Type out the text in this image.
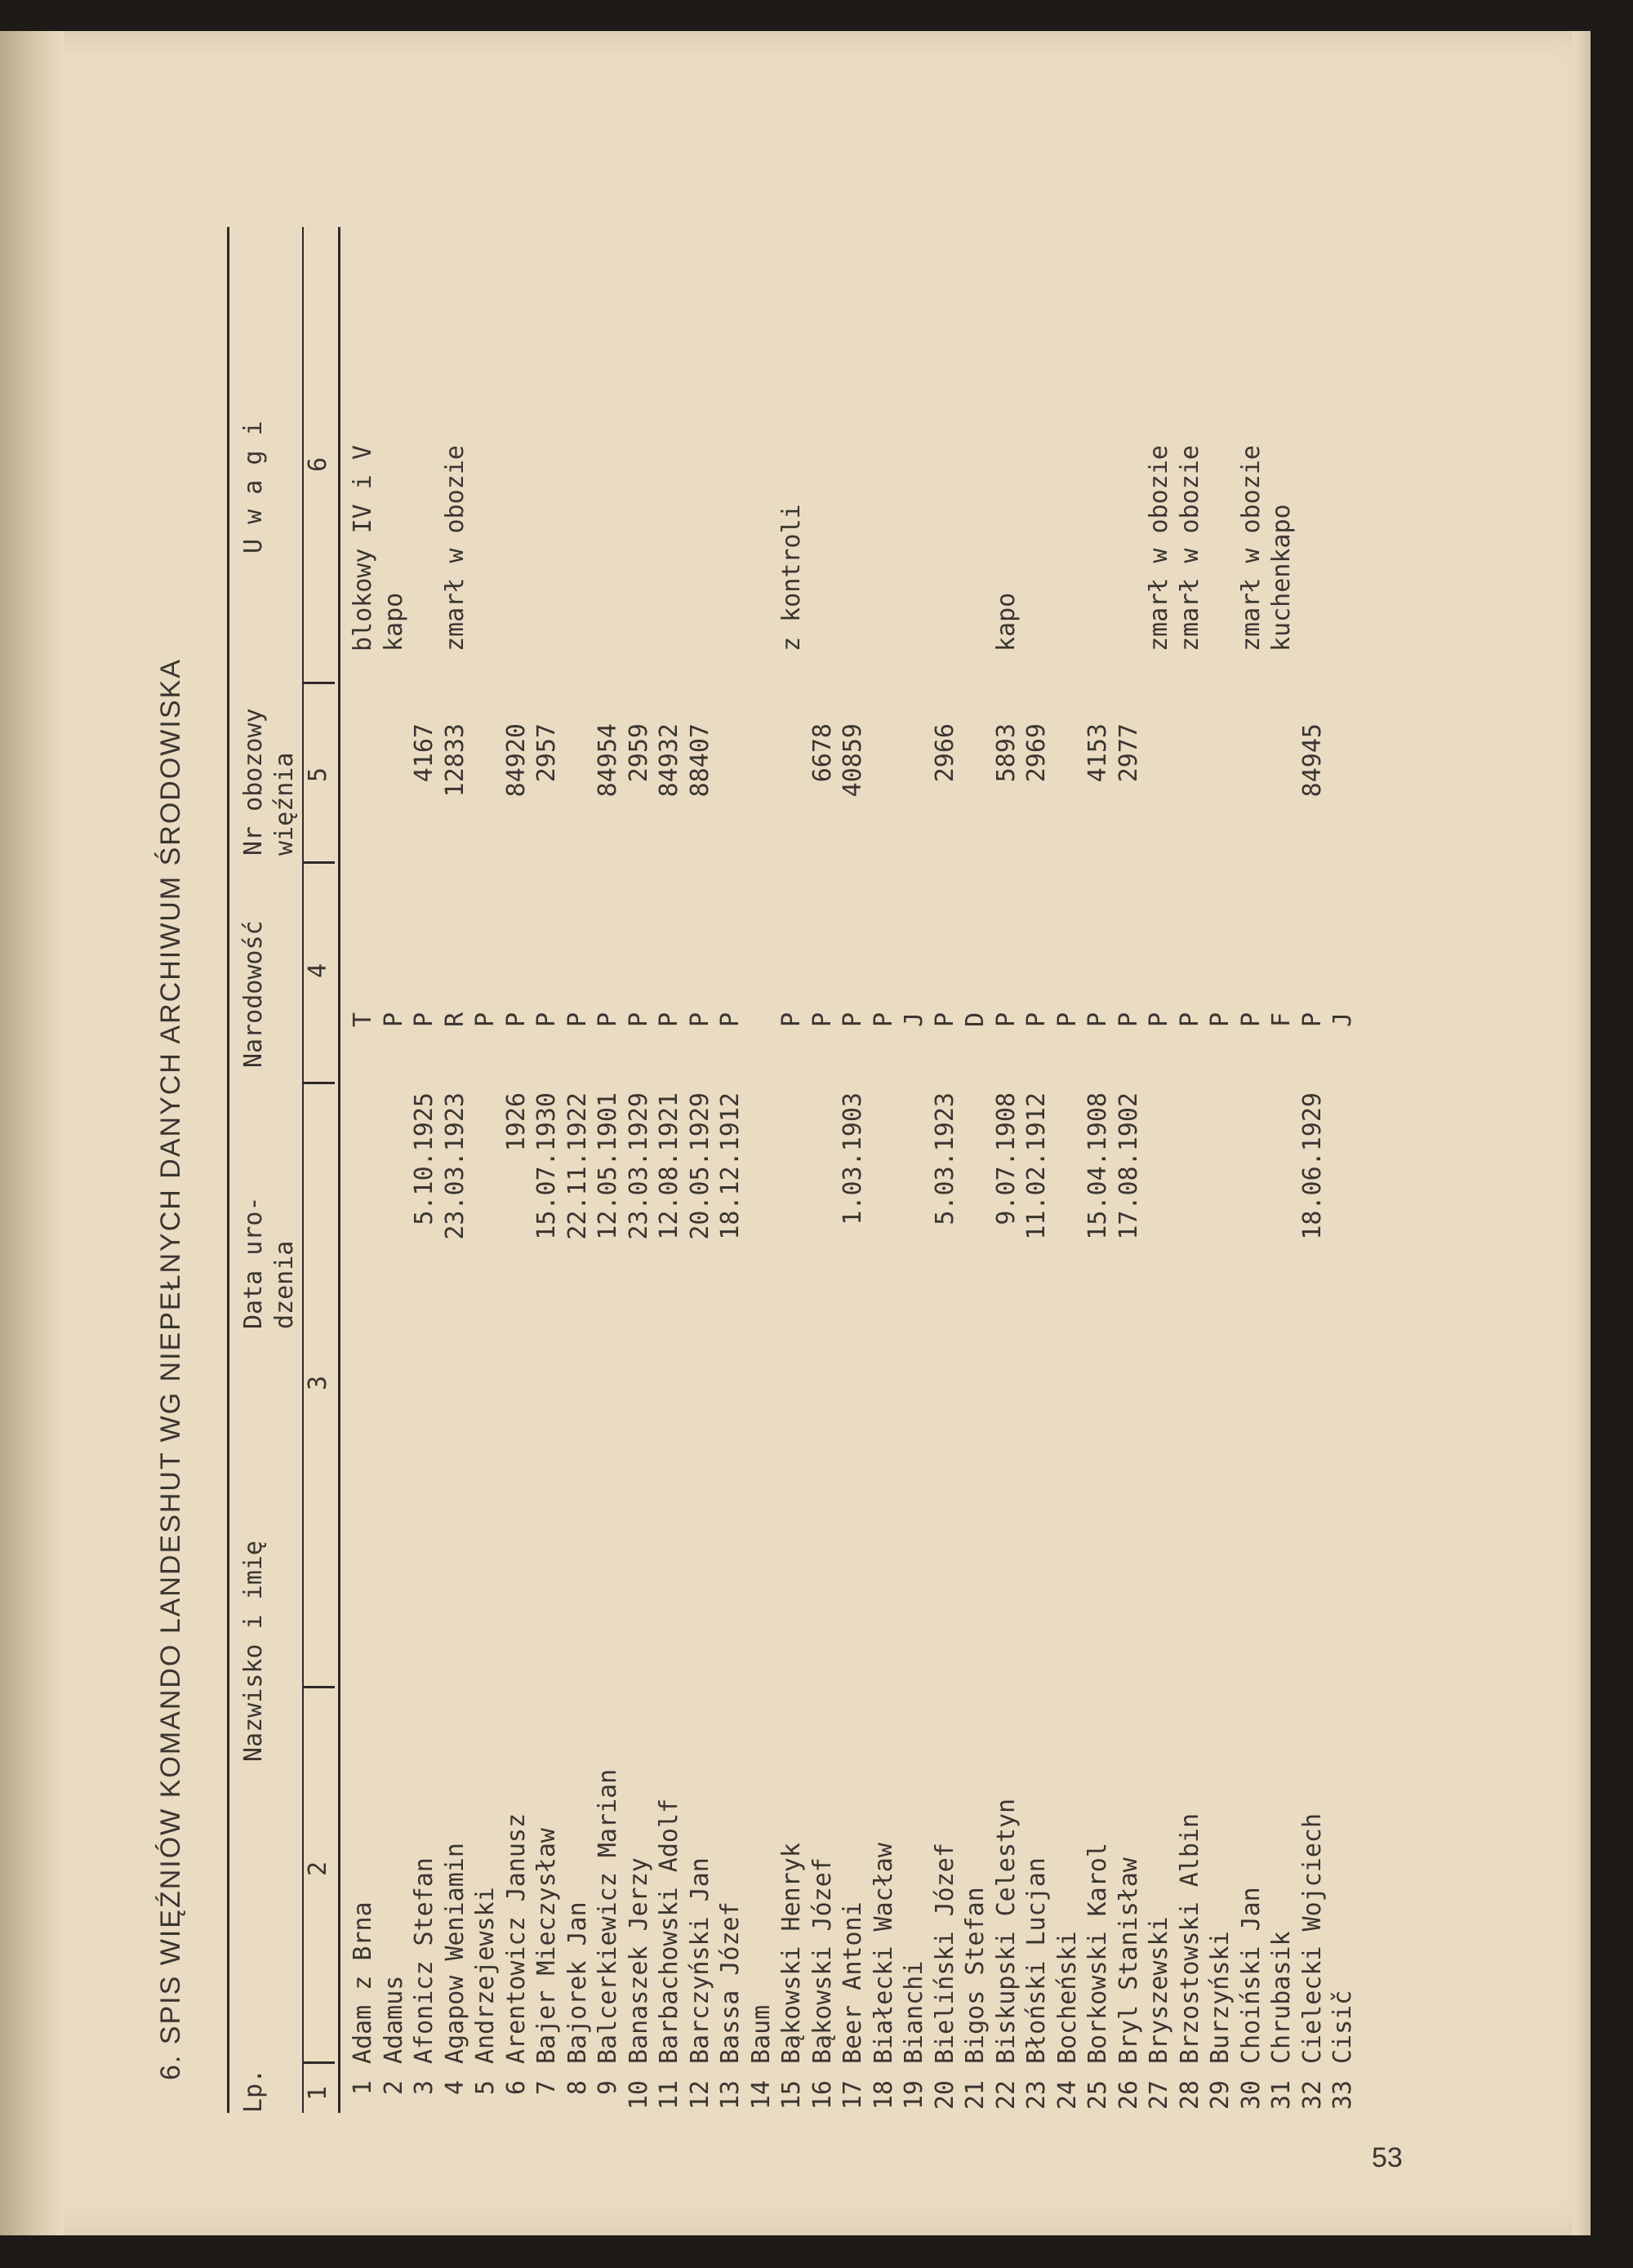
6. SPIS WIĘŹNIÓW KOMANDO LANDESHUT WG NIEPEŁNYCH DANYCH ARCHIWUM ŚRODOWISKA
Lp.
Nazwisko i imię
Data uro-
dzenia
Narodowość
Nr obozowy
więźnia
U w a g i
1
2
3
4
5
6
1
Adam z Brna
T
blokowy IV i V
2
Adamus
P
kapo
3
Afonicz Stefan
5.10.1925
P
4167
4
Agapow Weniamin
23.03.1923
R
12833
zmarł w obozie
5
Andrzejewski
P
6
Arentowicz Janusz
1926
P
84920
7
Bajer Mieczysław
15.07.1930
P
2957
8
Bajorek Jan
22.11.1922
P
9
Balcerkiewicz Marian
12.05.1901
P
84954
10
Banaszek Jerzy
23.03.1929
P
2959
11
Barbachowski Adolf
12.08.1921
P
84932
12
Barczyński Jan
20.05.1929
P
88407
13
Bassa Józef
18.12.1912
P
14
Baum
15
Bąkowski Henryk
P
z kontroli
16
Bąkowski Józef
P
6678
17
Beer Antoni
1.03.1903
P
40859
18
Białecki Wacław
P
19
Bianchi
J
20
Bieliński Józef
5.03.1923
P
2966
21
Bigos Stefan
D
22
Biskupski Celestyn
9.07.1908
P
5893
kapo
23
Błoński Lucjan
11.02.1912
P
2969
24
Bocheński
P
25
Borkowski Karol
15.04.1908
P
4153
26
Bryl Stanisław
17.08.1902
P
2977
27
Bryszewski
P
zmarł w obozie
28
Brzostowski Albin
P
zmarł w obozie
29
Burzyński
P
30
Choiński Jan
P
zmarł w obozie
31
Chrubasik
F
kuchenkapo
32
Cielecki Wojciech
18.06.1929
P
84945
33
Cisič
J
53
